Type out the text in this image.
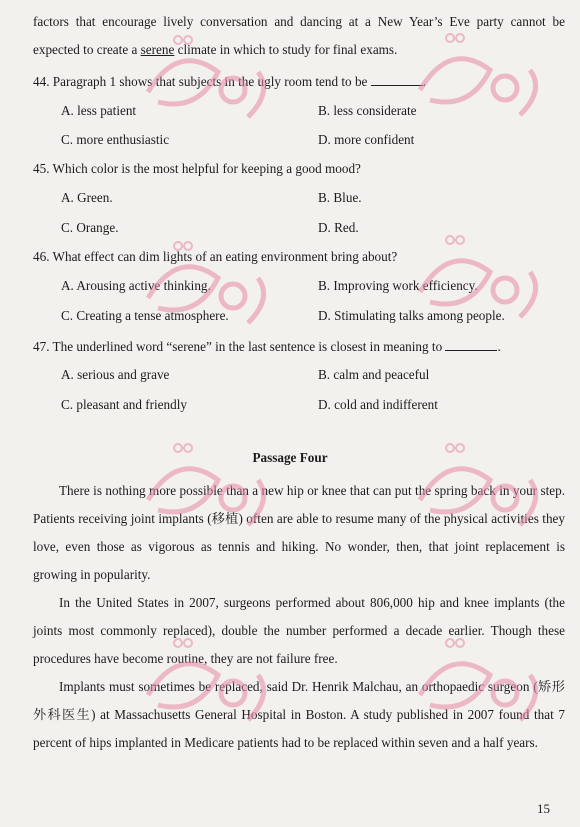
factors that encourage lively conversation and dancing at a New Year’s Eve party cannot be expected to create a serene climate in which to study for final exams.
44. Paragraph 1 shows that subjects in the ugly room tend to be	.
A. less patient	B. less considerate
C. more enthusiastic	D. more confident
45. Which color is the most helpful for keeping a good mood?
A. Green.	B. Blue.
C. Orange.	D. Red.
46. What effect can dim lights of an eating environment bring about?
A. Arousing active thinking.	B. Improving work efficiency.
C. Creating a tense atmosphere.	D. Stimulating talks among people.
47. The underlined word “serene” in the last sentence is closest in meaning to	.
A. serious and grave	B. calm and peaceful
C. pleasant and friendly	D. cold and indifferent
Passage Four
There is nothing more possible than a new hip or knee that can put the spring back in your step. Patients receiving joint implants (移植) often are able to resume many of the physical activities they love, even those as vigorous as tennis and hiking. No wonder, then, that joint replacement is growing in popularity.
In the United States in 2007, surgeons performed about 806,000 hip and knee implants (the joints most commonly replaced), double the number performed a decade earlier. Though these procedures have become routine, they are not failure free.
Implants must sometimes be replaced, said Dr. Henrik Malchau, an orthopaedic surgeon (矫形外科医生) at Massachusetts General Hospital in Boston. A study published in 2007 found that 7 percent of hips implanted in Medicare patients had to be replaced within seven and a half years.
15
